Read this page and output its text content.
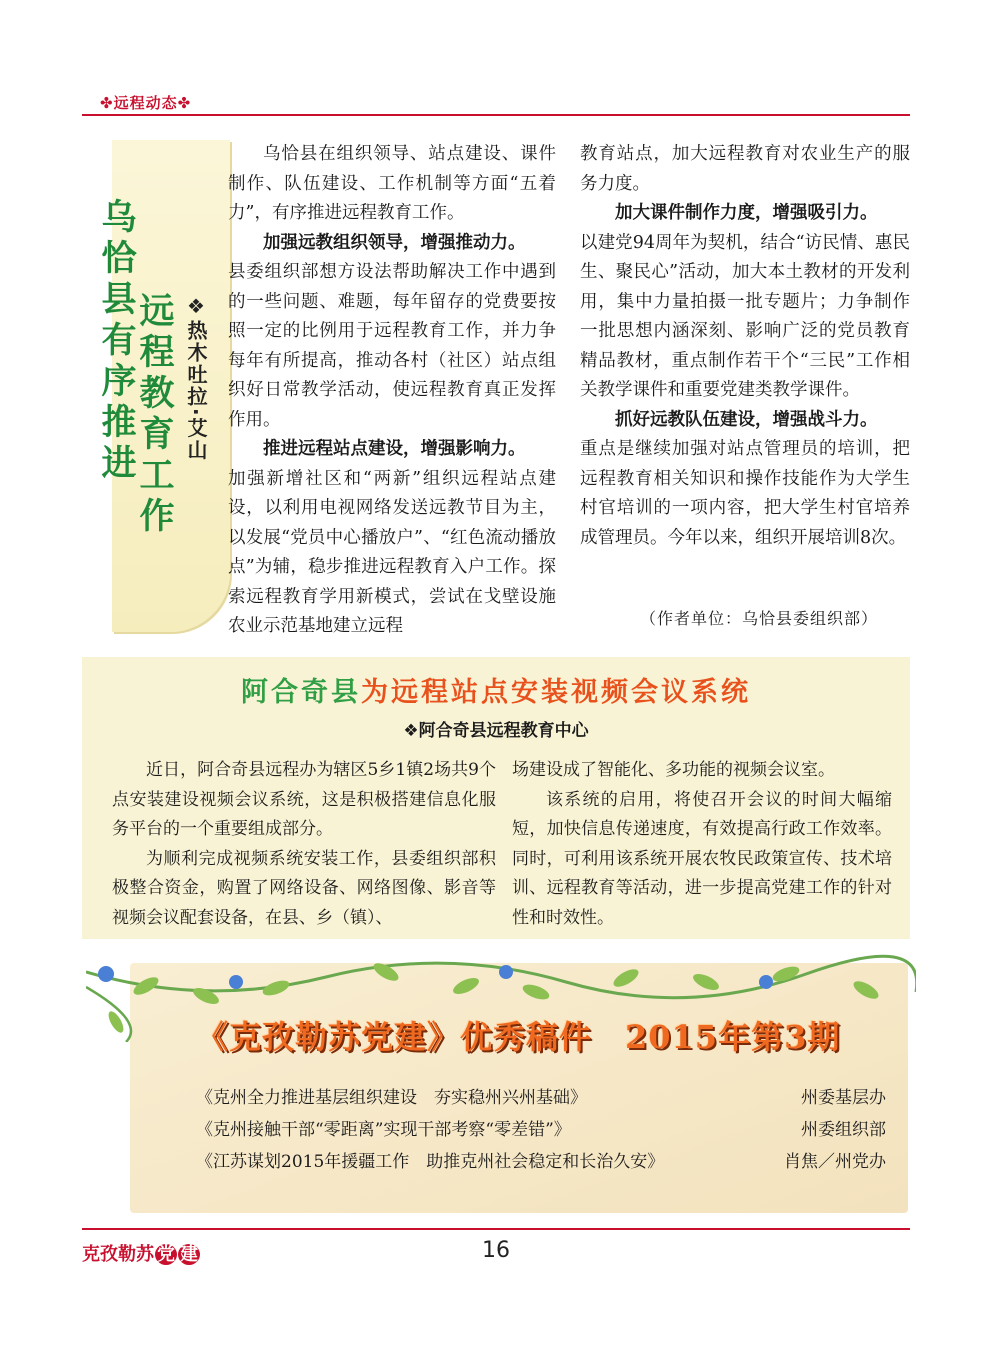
✤远程动态✤
乌恰县有序推进
远程教育工作 ❖热木吐拉·艾山

乌恰县在组织领导、站点建设、课件制作、队伍建设、工作机制等方面“五着力”，有序推进远程教育工作。

加强远教组织领导，增强推动力。

县委组织部想方设法帮助解决工作中遇到的一些问题、难题，每年留存的党费要按照一定的比例用于远程教育工作，并力争每年有所提高，推动各村（社区）站点组织好日常教学活动，使远程教育真正发挥作用。

推进远程站点建设，增强影响力。

加强新增社区和“两新”组织远程站点建设，以利用电视网络发送远教节目为主，以发展“党员中心播放户”、“红色流动播放点”为辅，稳步推进远程教育入户工作。探索远程教育学用新模式，尝试在戈壁设施农业示范基地建立远程

教育站点，加大远程教育对农业生产的服务力度。

加大课件制作力度，增强吸引力。

以建党94周年为契机，结合“访民情、惠民生、聚民心”活动，加大本土教材的开发利用，集中力量拍摄一批专题片；力争制作一批思想内涵深刻、影响广泛的党员教育精品教材，重点制作若干个“三民”工作相关教学课件和重要党建类教学课件。

抓好远教队伍建设，增强战斗力。

重点是继续加强对站点管理员的培训，把远程教育相关知识和操作技能作为大学生村官培训的一项内容，把大学生村官培养成管理员。今年以来，组织开展培训8次。

（作者单位：乌恰县委组织部）
阿合奇县为远程站点安装视频会议系统
❖阿合奇县远程教育中心

近日，阿合奇县远程办为辖区5乡1镇2场共9个点安装建设视频会议系统，这是积极搭建信息化服务平台的一个重要组成部分。

为顺利完成视频系统安装工作，县委组织部积极整合资金，购置了网络设备、网络图像、影音等视频会议配套设备，在县、乡（镇）、

场建设成了智能化、多功能的视频会议室。

该系统的启用，将使召开会议的时间大幅缩短，加快信息传递速度，有效提高行政工作效率。同时，可利用该系统开展农牧民政策宣传、技术培训、远程教育等活动，进一步提高党建工作的针对性和时效性。

《克孜勒苏党建》优秀稿件　2015年第3期
《克州全力推进基层组织建设　夯实稳州兴州基础》	州委基层办
《克州接触干部“零距离”实现干部考察“零差错”》	州委组织部
《江苏谋划2015年援疆工作　助推克州社会稳定和长治久安》	肖焦／州党办
克孜勒苏 党 建	16
